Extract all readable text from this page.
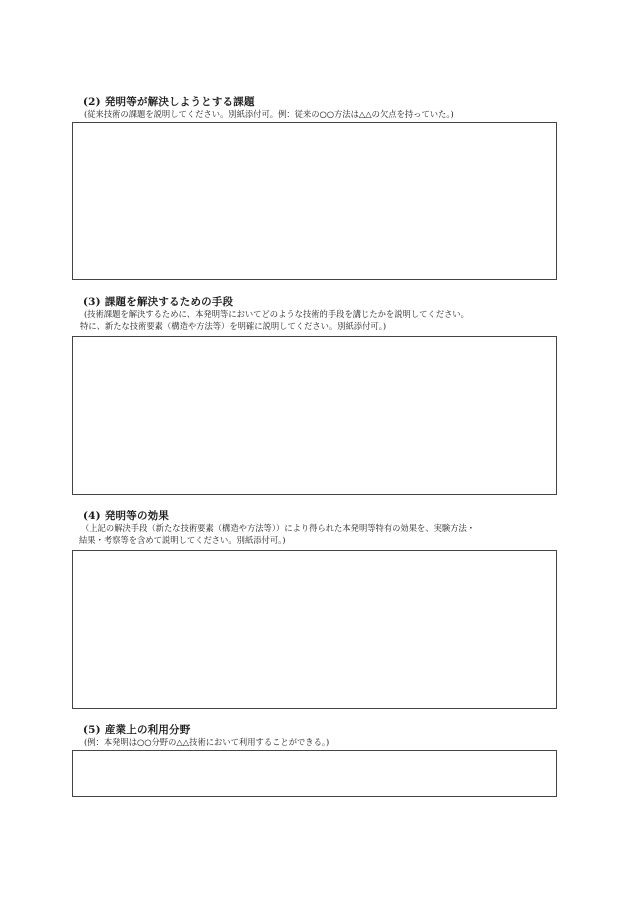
(2) 発明等が解決しようとする課題
(従来技術の課題を説明してください。別紙添付可。例：従来の○○方法は△△の欠点を持っていた。)
(3) 課題を解決するための手段
(技術課題を解決するために、本発明等においてどのような技術的手段を講じたかを説明してください。
特に、新たな技術要素（構造や方法等）を明確に説明してください。別紙添付可。)
(4) 発明等の効果
（上記の解決手段（新たな技術要素（構造や方法等））により得られた本発明等特有の効果を、実験方法・
結果・考察等を含めて説明してください。別紙添付可。)
(5) 産業上の利用分野
(例：本発明は○○分野の△△技術において利用することができる。)
